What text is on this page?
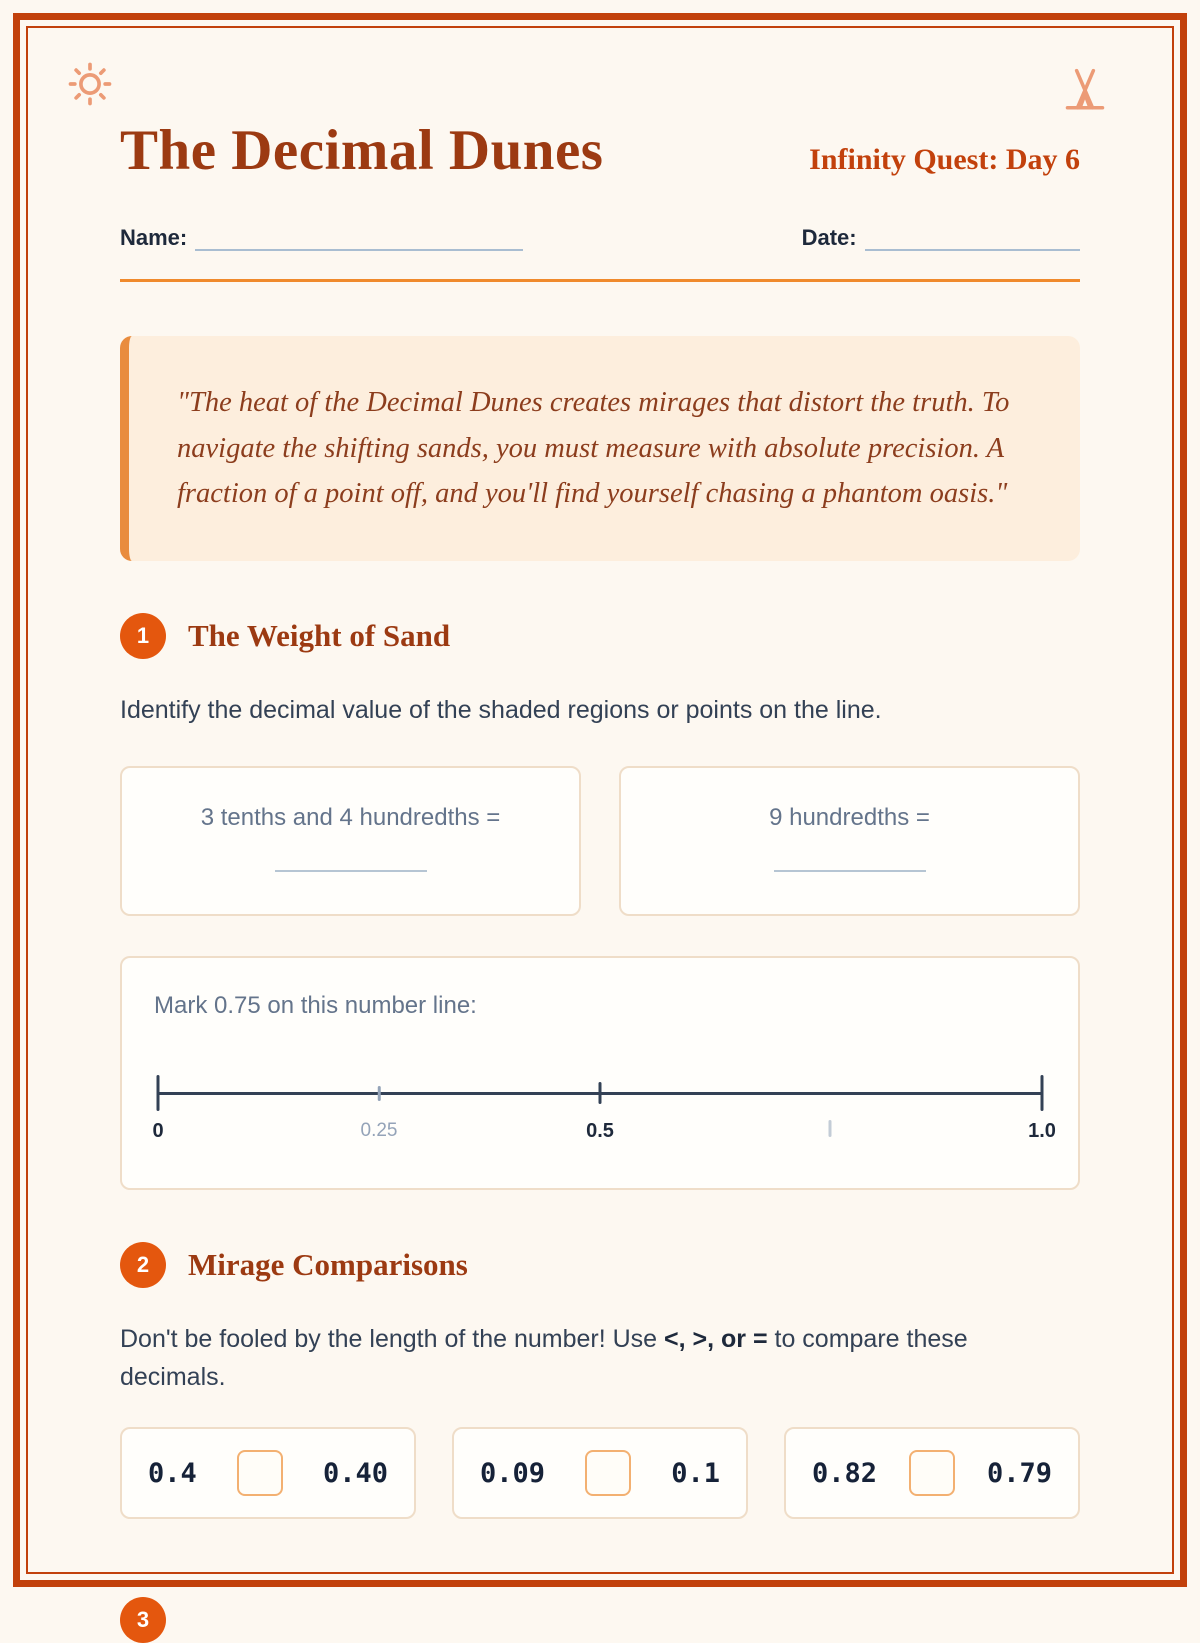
The Decimal Dunes	Infinity Quest: Day 6
Name:	Date:

"The heat of the Decimal Dunes creates mirages that distort the truth. To navigate the shifting sands, you must measure with absolute precision. A fraction of a point off, and you'll find yourself chasing a phantom oasis."

1	The Weight of Sand

Identify the decimal value of the shaded regions or points on the line.

3 tenths and 4 hundredths =	9 hundredths =
Mark 0.75 on this number line:
0	0.25	0.5	1.0
2	Mirage Comparisons

Don't be fooled by the length of the number! Use <, >, or = to compare these decimals.

0.4	0.40	0.09	0.1	0.82	0.79
3
